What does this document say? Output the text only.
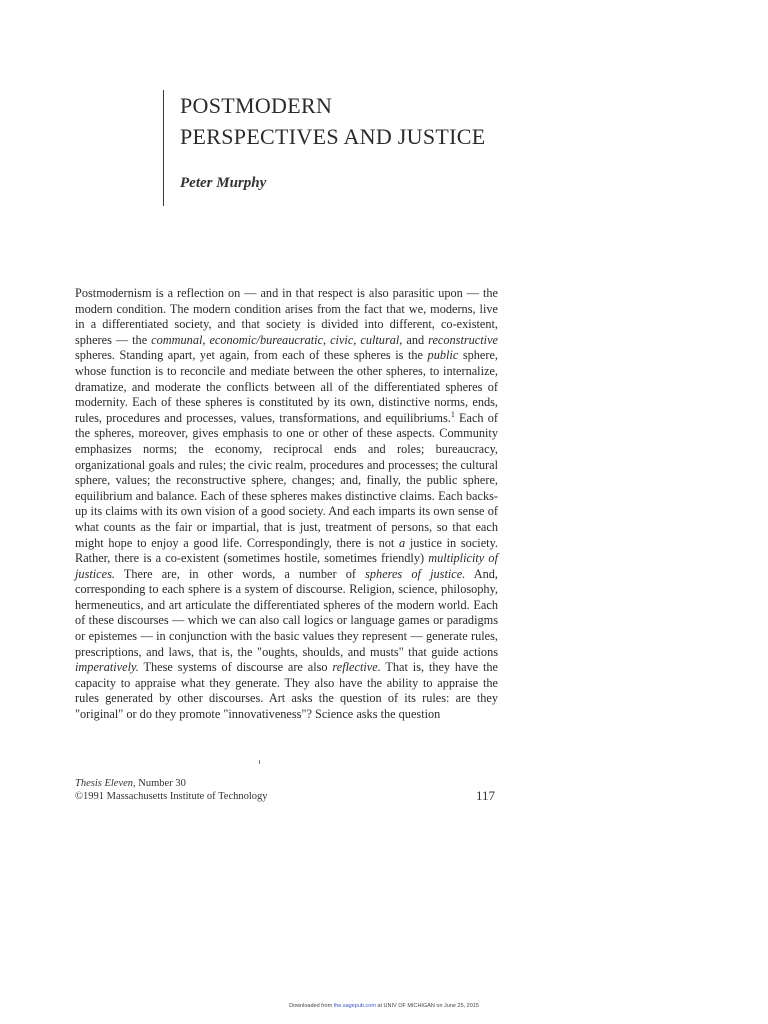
POSTMODERN
PERSPECTIVES AND JUSTICE
Peter Murphy

Postmodernism is a reflection on — and in that respect is also parasitic upon — the modern condition. The modern condition arises from the fact that we, moderns, live in a differentiated society, and that society is divided into different, co-existent, spheres — the communal, economic/bureaucratic, civic, cultural, and reconstructive spheres. Standing apart, yet again, from each of these spheres is the public sphere, whose function is to reconcile and mediate between the other spheres, to internalize, dramatize, and moderate the conflicts between all of the differentiated spheres of modernity. Each of these spheres is constituted by its own, distinctive norms, ends, rules, procedures and processes, values, transformations, and equilibriums.$^1$ Each of the spheres, moreover, gives emphasis to one or other of these aspects. Community emphasizes norms; the economy, reciprocal ends and roles; bureaucracy, organizational goals and rules; the civic realm, procedures and processes; the cultural sphere, values; the reconstructive sphere, changes; and, finally, the public sphere, equilibrium and balance. Each of these spheres makes distinctive claims. Each backs-up its claims with its own vision of a good society. And each imparts its own sense of what counts as the fair or impartial, that is just, treatment of persons, so that each might hope to enjoy a good life. Correspondingly, there is not a justice in society. Rather, there is a co-existent (sometimes hostile, sometimes friendly) multiplicity of justices. There are, in other words, a number of spheres of justice. And, corresponding to each sphere is a system of discourse. Religion, science, philosophy, hermeneutics, and art articulate the differentiated spheres of the modern world. Each of these discourses — which we can also call logics or language games or paradigms or epistemes — in conjunction with the basic values they represent — generate rules, prescriptions, and laws, that is, the "oughts, shoulds, and musts" that guide actions imperatively. These systems of discourse are also reflective. That is, they have the capacity to appraise what they generate. They also have the ability to appraise the rules generated by other discourses. Art asks the question of its rules: are they "original" or do they promote "innovativeness"? Science asks the question

Thesis Eleven, Number 30
©1991 Massachusetts Institute of Technology	117
Downloaded from the.sagepub.com at UNIV OF MICHIGAN on June 25, 2015
